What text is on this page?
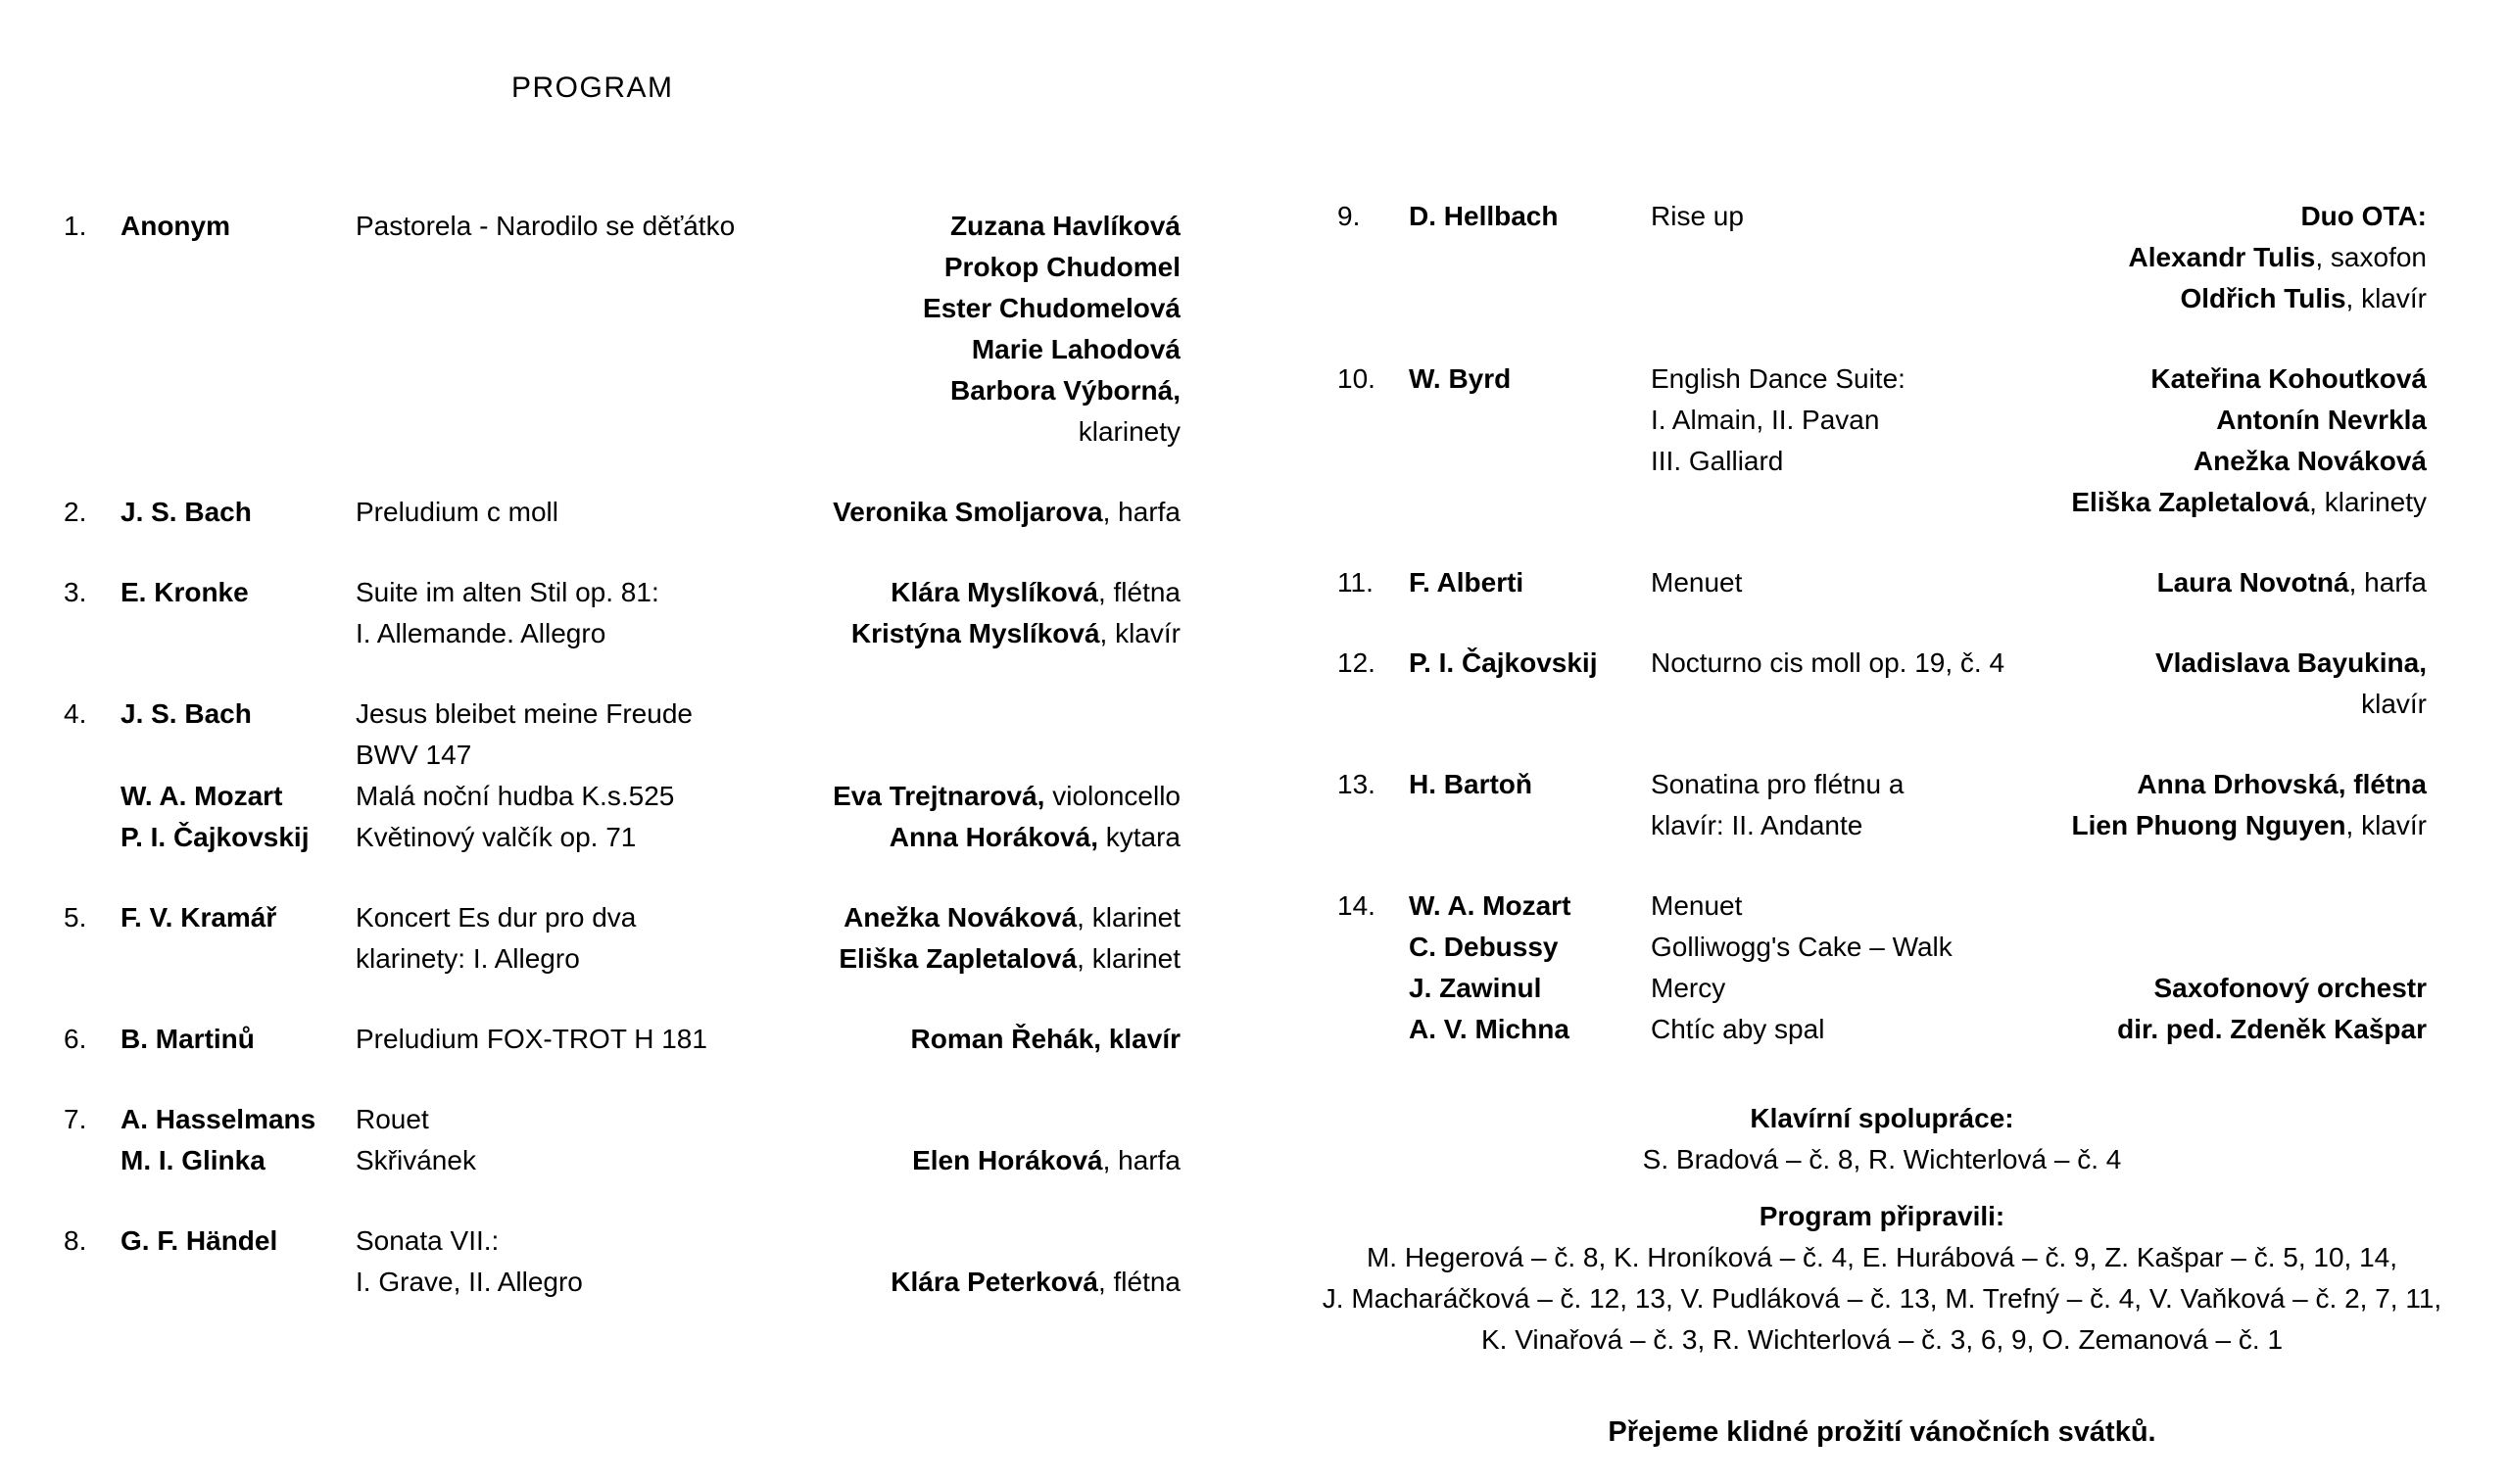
PROGRAM
1.	Anonym	Pastorela - Narodilo se děťátko	Zuzana Havlíková
Prokop Chudomel
Ester Chudomelová
Marie Lahodová
Barbora Výborná,
klarinety
2.	J. S. Bach	Preludium c moll	Veronika Smoljarova, harfa
3.	E. Kronke	Suite im alten Stil op. 81:	Klára Myslíková, flétna
I. Allemande. Allegro	Kristýna Myslíková, klavír
4.	J. S. Bach	Jesus bleibet meine Freude
BWV 147
W. A. Mozart	Malá noční hudba K.s.525	Eva Trejtnarová, violoncello
P. I. Čajkovskij	Květinový valčík op. 71	Anna Horáková, kytara
5.	F. V. Kramář	Koncert Es dur pro dva	Anežka Nováková, klarinet
klarinety: I. Allegro	Eliška Zapletalová, klarinet
6.	B. Martinů	Preludium FOX-TROT H 181	Roman Řehák, klavír
7.	A. Hasselmans	Rouet
M. I. Glinka	Skřivánek	Elen Horáková, harfa
8.	G. F. Händel	Sonata VII.:
I. Grave, II. Allegro	Klára Peterková, flétna
9.	D. Hellbach	Rise up	Duo OTA:
Alexandr Tulis, saxofon
Oldřich Tulis, klavír
10.	W. Byrd	English Dance Suite:	Kateřina Kohoutková
I. Almain, II. Pavan	Antonín Nevrkla
III. Galliard	Anežka Nováková
Eliška Zapletalová, klarinety
11.	F. Alberti	Menuet	Laura Novotná, harfa
12.	P. I. Čajkovskij	Nocturno cis moll op. 19, č. 4	Vladislava Bayukina,
klavír
13.	H. Bartoň	Sonatina pro flétnu a	Anna Drhovská, flétna
klavír: II. Andante	Lien Phuong Nguyen, klavír
14.	W. A. Mozart	Menuet
C. Debussy	Golliwogg's Cake – Walk
J. Zawinul	Mercy	Saxofonový orchestr
A. V. Michna	Chtíc aby spal	dir. ped. Zdeněk Kašpar
Klavírní spolupráce:
S. Bradová – č. 8, R. Wichterlová – č. 4
Program připravili:
M. Hegerová – č. 8, K. Hroníková – č. 4, E. Hurábová – č. 9, Z. Kašpar – č. 5, 10, 14,
J. Macharáčková – č. 12, 13, V. Pudláková – č. 13, M. Trefný – č. 4, V. Vaňková – č. 2, 7, 11,
K. Vinařová – č. 3, R. Wichterlová – č. 3, 6, 9, O. Zemanová – č. 1
Přejeme klidné prožití vánočních svátků.
